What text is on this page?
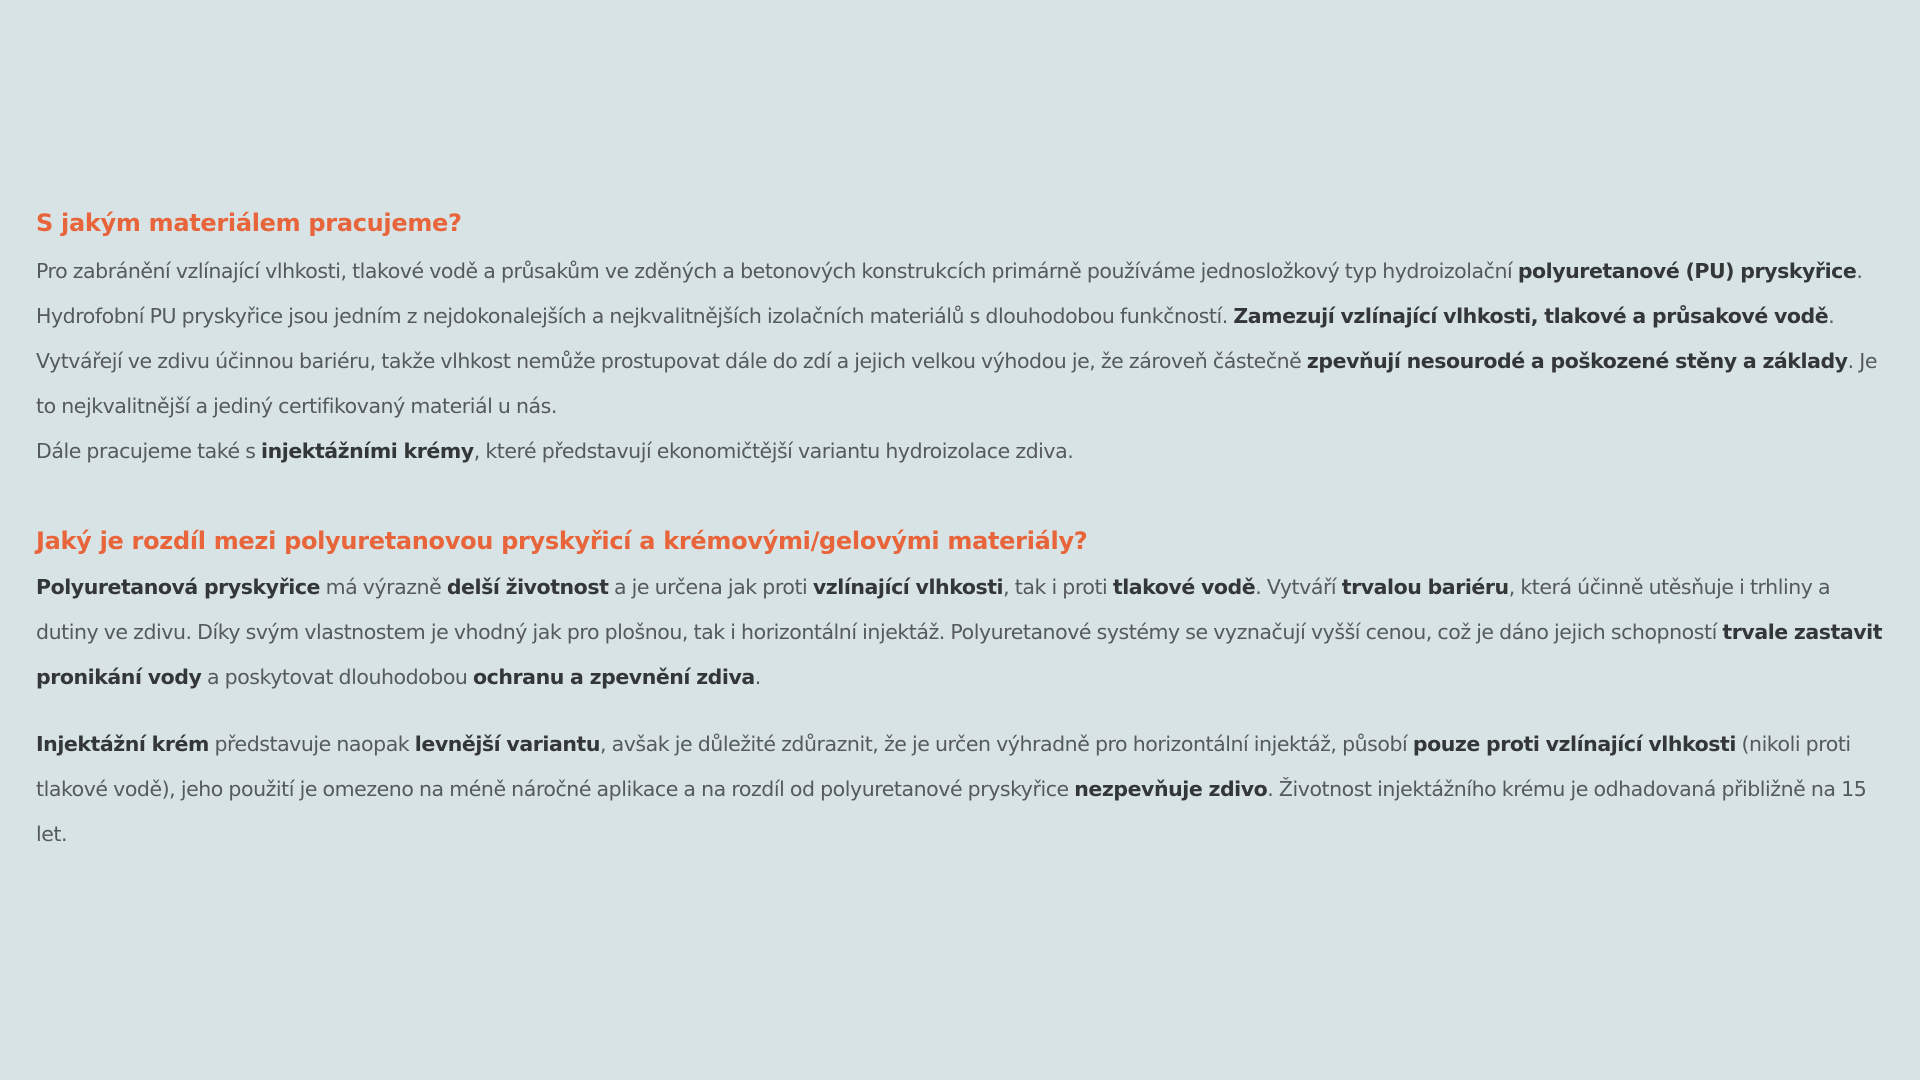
S jakým materiálem pracujeme?

Pro zabránění vzlínající vlhkosti, tlakové vodě a průsakům ve zděných a betonových konstrukcích primárně používáme jednosložkový typ hydroizolační polyuretanové (PU) pryskyřice. Hydrofobní PU pryskyřice jsou jedním z nejdokonalejších a nejkvalitnějších izolačních materiálů s dlouhodobou funkčností. Zamezují vzlínající vlhkosti, tlakové a průsakové vodě. Vytvářejí ve zdivu účinnou bariéru, takže vlhkost nemůže prostupovat dále do zdí a jejich velkou výhodou je, že zároveň částečně zpevňují nesourodé a poškozené stěny a základy. Je to nejkvalitnější a jediný certifikovaný materiál u nás.

Dále pracujeme také s injektážními krémy, které představují ekonomičtější variantu hydroizolace zdiva.

Jaký je rozdíl mezi polyuretanovou pryskyřicí a krémovými/gelovými materiály?

Polyuretanová pryskyřice má výrazně delší životnost a je určena jak proti vzlínající vlhkosti, tak i proti tlakové vodě. Vytváří trvalou bariéru, která účinně utěsňuje i trhliny a dutiny ve zdivu. Díky svým vlastnostem je vhodný jak pro plošnou, tak i horizontální injektáž. Polyuretanové systémy se vyznačují vyšší cenou, což je dáno jejich schopností trvale zastavit pronikání vody a poskytovat dlouhodobou ochranu a zpevnění zdiva.

Injektážní krém představuje naopak levnější variantu, avšak je důležité zdůraznit, že je určen výhradně pro horizontální injektáž, působí pouze proti vzlínající vlhkosti (nikoli proti tlakové vodě), jeho použití je omezeno na méně náročné aplikace a na rozdíl od polyuretanové pryskyřice nezpevňuje zdivo. Životnost injektážního krému je odhadovaná přibližně na 15 let.
